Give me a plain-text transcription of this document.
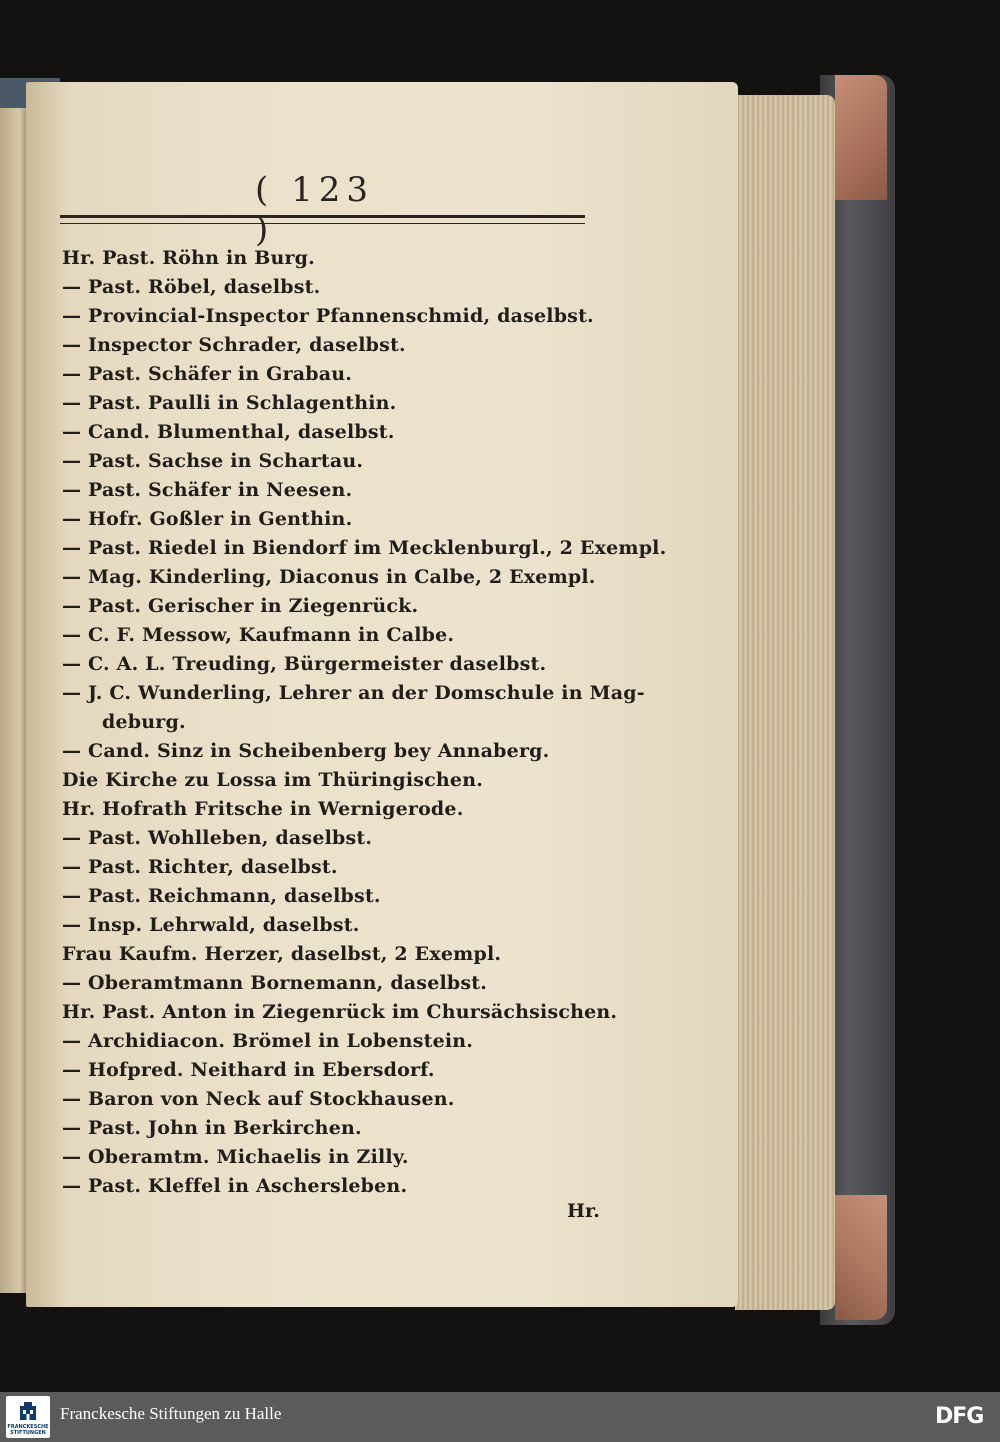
( 123 )
Hr. Past. Röhn in Burg.
— Past. Röbel, daselbst.
— Provincial-Inspector Pfannenschmid, daselbst.
— Inspector Schrader, daselbst.
— Past. Schäfer in Grabau.
— Past. Paulli in Schlagenthin.
— Cand. Blumenthal, daselbst.
— Past. Sachse in Schartau.
— Past. Schäfer in Neesen.
— Hofr. Goßler in Genthin.
— Past. Riedel in Biendorf im Mecklenburgl., 2 Exempl.
— Mag. Kinderling, Diaconus in Calbe, 2 Exempl.
— Past. Gerischer in Ziegenrück.
— C. F. Messow, Kaufmann in Calbe.
— C. A. L. Treuding, Bürgermeister daselbst.
— J. C. Wunderling, Lehrer an der Domschule in Mag-
deburg.
— Cand. Sinz in Scheibenberg bey Annaberg.
Die Kirche zu Lossa im Thüringischen.
Hr. Hofrath Fritsche in Wernigerode.
— Past. Wohlleben, daselbst.
— Past. Richter, daselbst.
— Past. Reichmann, daselbst.
— Insp. Lehrwald, daselbst.
Frau Kaufm. Herzer, daselbst, 2 Exempl.
— Oberamtmann Bornemann, daselbst.
Hr. Past. Anton in Ziegenrück im Chursächsischen.
— Archidiacon. Brömel in Lobenstein.
— Hofpred. Neithard in Ebersdorf.
— Baron von Neck auf Stockhausen.
— Past. John in Berkirchen.
— Oberamtm. Michaelis in Zilly.
— Past. Kleffel in Aschersleben.
Hr.
FRANCKESCHE STIFTUNGEN
Franckesche Stiftungen zu Halle	DFG
